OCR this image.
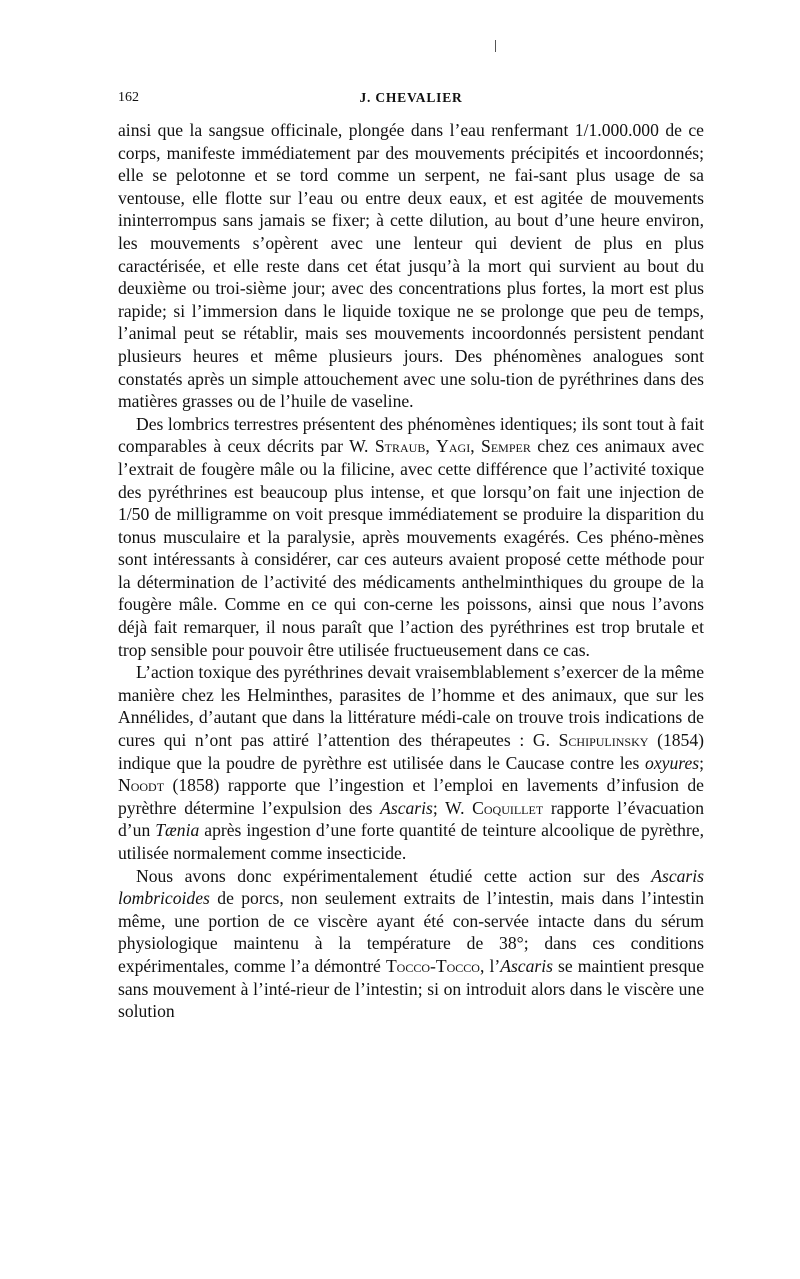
162	J. CHEVALIER

ainsi que la sangsue officinale, plongée dans l’eau renfermant 1/1.000.000 de ce corps, manifeste immédiatement par des mouvements précipités et incoordonnés; elle se pelotonne et se tord comme un serpent, ne fai-sant plus usage de sa ventouse, elle flotte sur l’eau ou entre deux eaux, et est agitée de mouvements ininterrompus sans jamais se fixer; à cette dilution, au bout d’une heure environ, les mouvements s’opèrent avec une lenteur qui devient de plus en plus caractérisée, et elle reste dans cet état jusqu’à la mort qui survient au bout du deuxième ou troi-sième jour; avec des concentrations plus fortes, la mort est plus rapide; si l’immersion dans le liquide toxique ne se prolonge que peu de temps, l’animal peut se rétablir, mais ses mouvements incoordonnés persistent pendant plusieurs heures et même plusieurs jours. Des phénomènes analogues sont constatés après un simple attouchement avec une solu-tion de pyréthrines dans des matières grasses ou de l’huile de vaseline.

Des lombrics terrestres présentent des phénomènes identiques; ils sont tout à fait comparables à ceux décrits par W. Straub, Yagi, Semper chez ces animaux avec l’extrait de fougère mâle ou la filicine, avec cette différence que l’activité toxique des pyréthrines est beaucoup plus intense, et que lorsqu’on fait une injection de 1/50 de milligramme on voit presque immédiatement se produire la disparition du tonus musculaire et la paralysie, après mouvements exagérés. Ces phéno-mènes sont intéressants à considérer, car ces auteurs avaient proposé cette méthode pour la détermination de l’activité des médicaments anthelminthiques du groupe de la fougère mâle. Comme en ce qui con-cerne les poissons, ainsi que nous l’avons déjà fait remarquer, il nous paraît que l’action des pyréthrines est trop brutale et trop sensible pour pouvoir être utilisée fructueusement dans ce cas.

L’action toxique des pyréthrines devait vraisemblablement s’exercer de la même manière chez les Helminthes, parasites de l’homme et des animaux, que sur les Annélides, d’autant que dans la littérature médi-cale on trouve trois indications de cures qui n’ont pas attiré l’attention des thérapeutes : G. Schipulinsky (1854) indique que la poudre de pyrèthre est utilisée dans le Caucase contre les oxyures; Noodt (1858) rapporte que l’ingestion et l’emploi en lavements d’infusion de pyrèthre détermine l’expulsion des Ascaris; W. Coquillet rapporte l’évacuation d’un Tænia après ingestion d’une forte quantité de teinture alcoolique de pyrèthre, utilisée normalement comme insecticide.

Nous avons donc expérimentalement étudié cette action sur des Ascaris lombricoides de porcs, non seulement extraits de l’intestin, mais dans l’intestin même, une portion de ce viscère ayant été con-servée intacte dans du sérum physiologique maintenu à la température de 38°; dans ces conditions expérimentales, comme l’a démontré Tocco-Tocco, l’Ascaris se maintient presque sans mouvement à l’inté-rieur de l’intestin; si on introduit alors dans le viscère une solution
